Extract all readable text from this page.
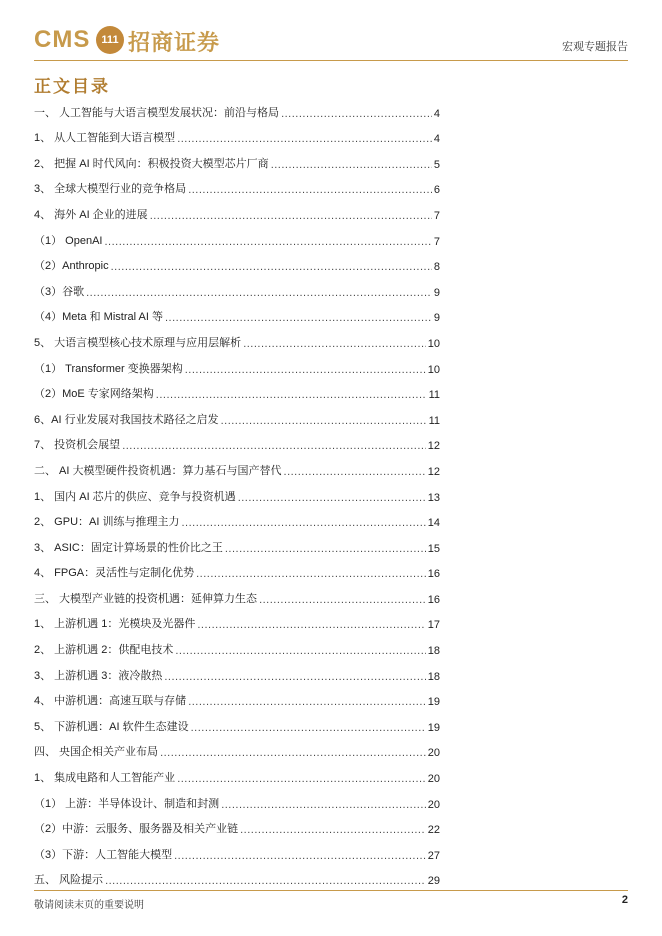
CMS	111 招商证券	宏观专题报告
正文目录
一、 人工智能与大语言模型发展状况：前沿与格局 .....	4
1、 从人工智能到大语言模型 .....	4
2、 把握 AI 时代风向：积极投资大模型芯片厂商 .....	5
3、 全球大模型行业的竞争格局 .....	6
4、 海外 AI 企业的进展 .....	7
（1） OpenAI .....	7
（2）Anthropic .....	8
（3）谷歌 .....	9
（4）Meta 和 Mistral AI 等 .....	9
5、 大语言模型核心技术原理与应用层解析 .....	10
（1） Transformer 变换器架构 .....	10
（2）MoE 专家网络架构 .....	11
6、AI 行业发展对我国技术路径之启发 .....	11
7、 投资机会展望 .....	12
二、 AI 大模型硬件投资机遇：算力基石与国产替代 .....	12
1、 国内 AI 芯片的供应、竞争与投资机遇 .....	13
2、 GPU：AI 训练与推理主力 .....	14
3、 ASIC：固定计算场景的性价比之王 .....	15
4、 FPGA：灵活性与定制化优势 .....	16
三、 大模型产业链的投资机遇：延伸算力生态 .....	16
1、 上游机遇 1：光模块及光器件 .....	17
2、 上游机遇 2：供配电技术 .....	18
3、 上游机遇 3：液冷散热 .....	18
4、 中游机遇：高速互联与存储 .....	19
5、 下游机遇：AI 软件生态建设 .....	19
四、 央国企相关产业布局 .....	20
1、 集成电路和人工智能产业 .....	20
（1） 上游：半导体设计、制造和封测 .....	20
（2）中游：云服务、服务器及相关产业链 .....	22
（3）下游：人工智能大模型 .....	27
五、 风险提示 .....	29
敬请阅读末页的重要说明	2
